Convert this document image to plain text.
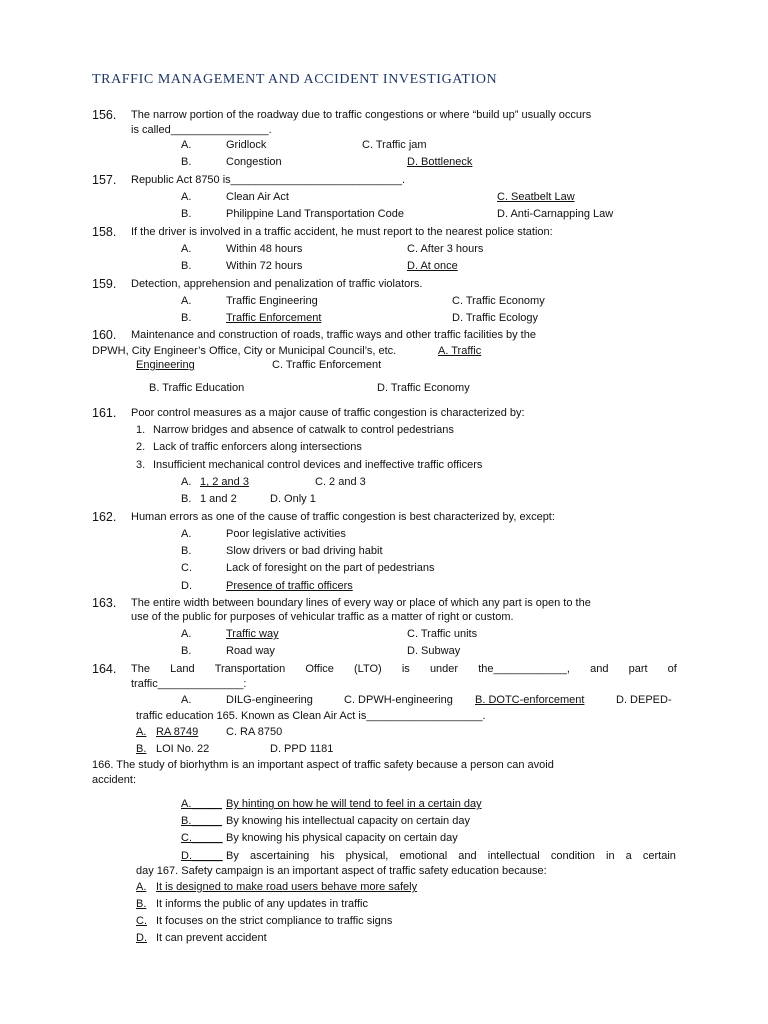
TRAFFIC MANAGEMENT AND ACCIDENT INVESTIGATION
156. The narrow portion of the roadway due to traffic congestions or where “build up” usually occurs
is called________________.
A.	Gridlock	C. Traffic jam
B.	Congestion	D. Bottleneck
157. Republic Act 8750 is____________________________.
A.	Clean Air Act	C. Seatbelt Law
B.	Philippine Land Transportation Code	D. Anti-Carnapping Law
158. If the driver is involved in a traffic accident, he must report to the nearest police station:
A.	Within 48 hours	C. After 3 hours
B.	Within 72 hours	D. At once
159. Detection, apprehension and penalization of traffic violators.
A.	Traffic Engineering	C. Traffic Economy
B.	Traffic Enforcement	D. Traffic Ecology
160. Maintenance and construction of roads, traffic ways and other traffic facilities by the
DPWH, City Engineer’s Office, City or Municipal Council’s, etc.	A. Traffic
Engineering	C. Traffic Enforcement
B. Traffic Education	D. Traffic Economy
161. Poor control measures as a major cause of traffic congestion is characterized by:
1. Narrow bridges and absence of catwalk to control pedestrians
2. Lack of traffic enforcers along intersections
3. Insufficient mechanical control devices and ineffective traffic officers
A. 1, 2 and 3	C. 2 and 3
B. 1 and 2	D. Only 1
162. Human errors as one of the cause of traffic congestion is best characterized by, except:
A.	Poor legislative activities
B.	Slow drivers or bad driving habit
C.	Lack of foresight on the part of pedestrians
D.	Presence of traffic officers
163. The entire width between boundary lines of every way or place of which any part is open to the
use of the public for purposes of vehicular traffic as a matter of right or custom.
A.	Traffic way	C. Traffic units
B.	Road way	D. Subway
164. The Land Transportation Office (LTO) is under the____________, and part of
traffic______________:
A.	DILG-engineering	C. DPWH-engineering B. DOTC-enforcement	D. DEPED-
traffic education 165. Known as Clean Air Act is___________________.
A. RA 8749	C. RA 8750
B. LOI No. 22	D. PPD 1181
166. The study of biorhythm is an important aspect of traffic safety because a person can avoid
accident:
A._____ By hinting on how he will tend to feel in a certain day
B._____ By knowing his intellectual capacity on certain day
C._____ By knowing his physical capacity on certain day
D._____ By ascertaining his physical, emotional and intellectual condition in a certain
day 167. Safety campaign is an important aspect of traffic safety education because:
A. It is designed to make road users behave more safely
B. It informs the public of any updates in traffic
C. It focuses on the strict compliance to traffic signs
D. It can prevent accident
